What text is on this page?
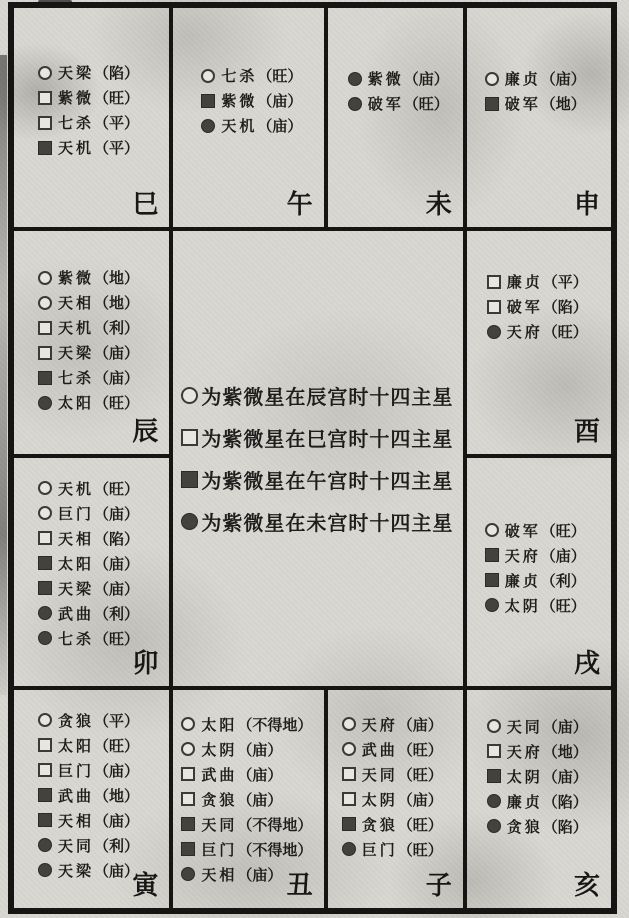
天梁 （陷）
紫微 （旺）
七杀 （平）
天机 （平）
巳
七杀 （旺）
紫微 （庙）
天机 （庙）
午
紫微 （庙）
破军 （旺）
未
廉贞 （庙）
破军 （地）
申
紫微 （地）
天相 （地）
天机 （利）
天梁 （庙）
七杀 （庙）
太阳 （旺）
辰
为紫微星在辰宫时十四主星
为紫微星在巳宫时十四主星
为紫微星在午宫时十四主星
为紫微星在未宫时十四主星
廉贞 （平）
破军 （陷）
天府 （旺）
酉
天机 （旺）
巨门 （庙）
天相 （陷）
太阳 （庙）
天梁 （庙）
武曲 （利）
七杀 （旺）
卯
破军 （旺）
天府 （庙）
廉贞 （利）
太阴 （旺）
戌
贪狼 （平）
太阳 （旺）
巨门 （庙）
武曲 （地）
天相 （庙）
天同 （利）
天梁 （庙）
寅
太阳 （不得地）
太阴 （庙）
武曲 （庙）
贪狼 （庙）
天同 （不得地）
巨门 （不得地）
天相 （庙） 丑
天府 （庙）
武曲 （旺）
天同 （旺）
太阴 （庙）
贪狼 （旺）
巨门 （旺）
子
天同 （庙）
天府 （地）
太阴 （庙）
廉贞 （陷）
贪狼 （陷）
亥
